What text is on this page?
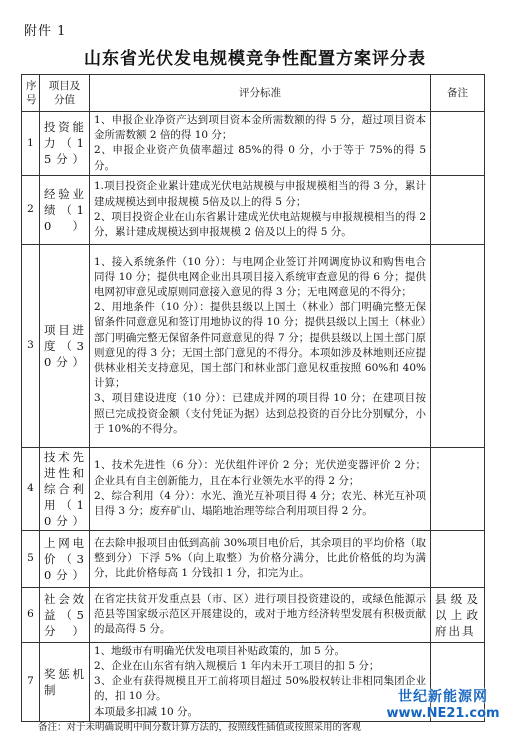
附件 1
山东省光伏发电规模竞争性配置方案评分表
序号	项目及分值	评分标准	备注
1	投资能力（15分）	1、申报企业净资产达到项目资本金所需数额的得 5 分，超过项目资本金所需数额 2 倍的得 10 分；
2、申报企业资产负债率超过 85%的得 0 分，小于等于 75%的得 5 分。	

2	经验业绩（10）	1.项目投资企业累计建成光伏电站规模与申报规模相当的得 3 分，累计建成规模达到申报规模 5倍及以上的得 5 分；
2、项目投资企业在山东省累计建成光伏电站规模与申报规模相当的得 2 分，累计建成规模达到申报规模 2 倍及以上的得 5 分。	

3	项目进度（30分）	1、接入系统条件（10 分）：与电网企业签订并网调度协议和购售电合同得 10 分；提供电网企业出具项目接入系统审查意见的得 6 分；提供电网初审意见或原则同意接入意见的得 3 分；无电网意见的不得分；
2、用地条件（10 分）：提供县级以上国土（林业）部门明确完整无保留条件同意意见和签订用地协议的得 10 分；提供县级以上国土（林业）部门明确完整无保留条件同意意见的得 7 分；提供县级以上国土部门原则意见的得 3 分；无国土部门意见的不得分。本项如涉及林地则还应提供林业相关支持意见，国土部门和林业部门意见权重按照 60%和 40%计算；
3、项目建设进度（10 分）：已建成并网的项目得 10 分；在建项目按照已完成投资金额（支付凭证为据）达到总投资的百分比分别赋分，小于 10%的不得分。	

4	技术先进性和综合利用（10分）	1、技术先进性（6 分）：光伏组件评价 2 分；光伏逆变器评价 2 分；企业具有自主创新能力，且在本行业领先水平的得 2 分；
2、综合利用（4 分）：水光、渔光互补项目得 4 分；农光、林光互补项目得 3 分；废弃矿山、塌陷地治理等综合利用项目得 2 分。	

5	上网电价（30分）	在去除申报项目由低到高前 30%项目电价后，其余项目的平均价格（取整到分）下浮 5%（向上取整）为价格分满分，比此价格低的均为满分，比此价格每高 1 分钱扣 1 分，扣完为止。	

6	社会效益（5分）	在省定扶贫开发重点县（市、区）进行项目投资建设的，或绿色能源示范县等国家级示范区开展建设的，或对于地方经济转型发展有积极贡献的最高得 5 分。	县级及以上政府出具
7	奖惩机制	1、地级市有明确光伏发电项目补贴政策的，加 5 分。
2、企业在山东省有纳入规模后 1 年内未开工项目的扣 5 分；
3、企业有获得规模且开工前将项目超过 50%股权转让非相同集团企业的，扣 10 分。
本项最多扣减 10 分。	

备注：对于未明确说明中间分数计算方法的，按照线性插值或按照采用的客观
世纪新能源网
www.NE21.com
